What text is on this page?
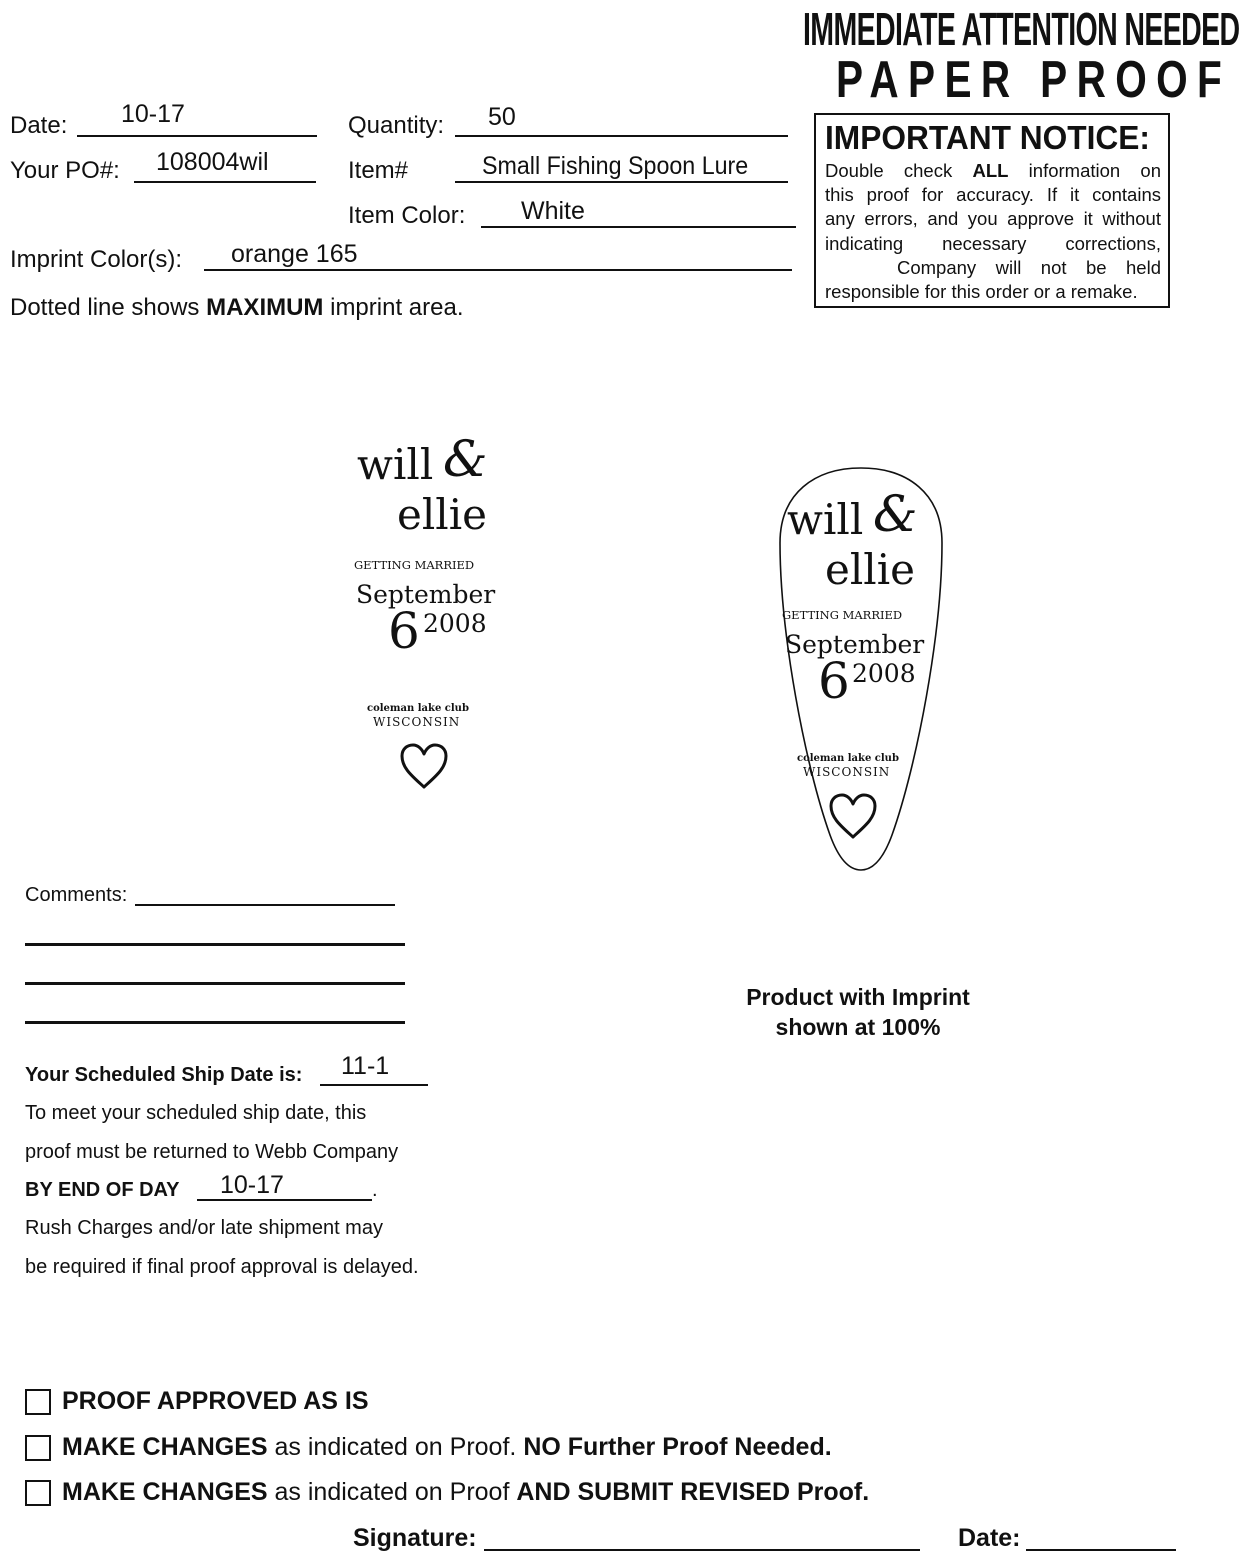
IMMEDIATE ATTENTION NEEDED
PAPER PROOF
Date: 10-17	Quantity: 50
Your PO#: 108004wil	Item#	Small Fishing Spoon Lure
Item Color: White
Imprint Color(s): orange 165
Dotted line shows MAXIMUM imprint area.
IMPORTANT NOTICE:
Double check ALL information on
this proof for accuracy. If it contains
any errors, and you approve it without
indicating necessary corrections,
Company will not be held
responsible for this order or a remake.
will &
ellie
GETTING MARRIED
September
6 2008
coleman lake club
WISCONSIN
will &
ellie
GETTING MARRIED
September
6 2008
coleman lake club
WISCONSIN
Product with Imprint
shown at 100%
Comments:
Your Scheduled Ship Date is: 11-1
To meet your scheduled ship date, this
proof must be returned to Webb Company
BY END OF DAY 10-17	.
Rush Charges and/or late shipment may
be required if final proof approval is delayed.
PROOF APPROVED AS IS
MAKE CHANGES as indicated on Proof. NO Further Proof Needed.
MAKE CHANGES as indicated on Proof AND SUBMIT REVISED Proof.
Signature:	Date:
